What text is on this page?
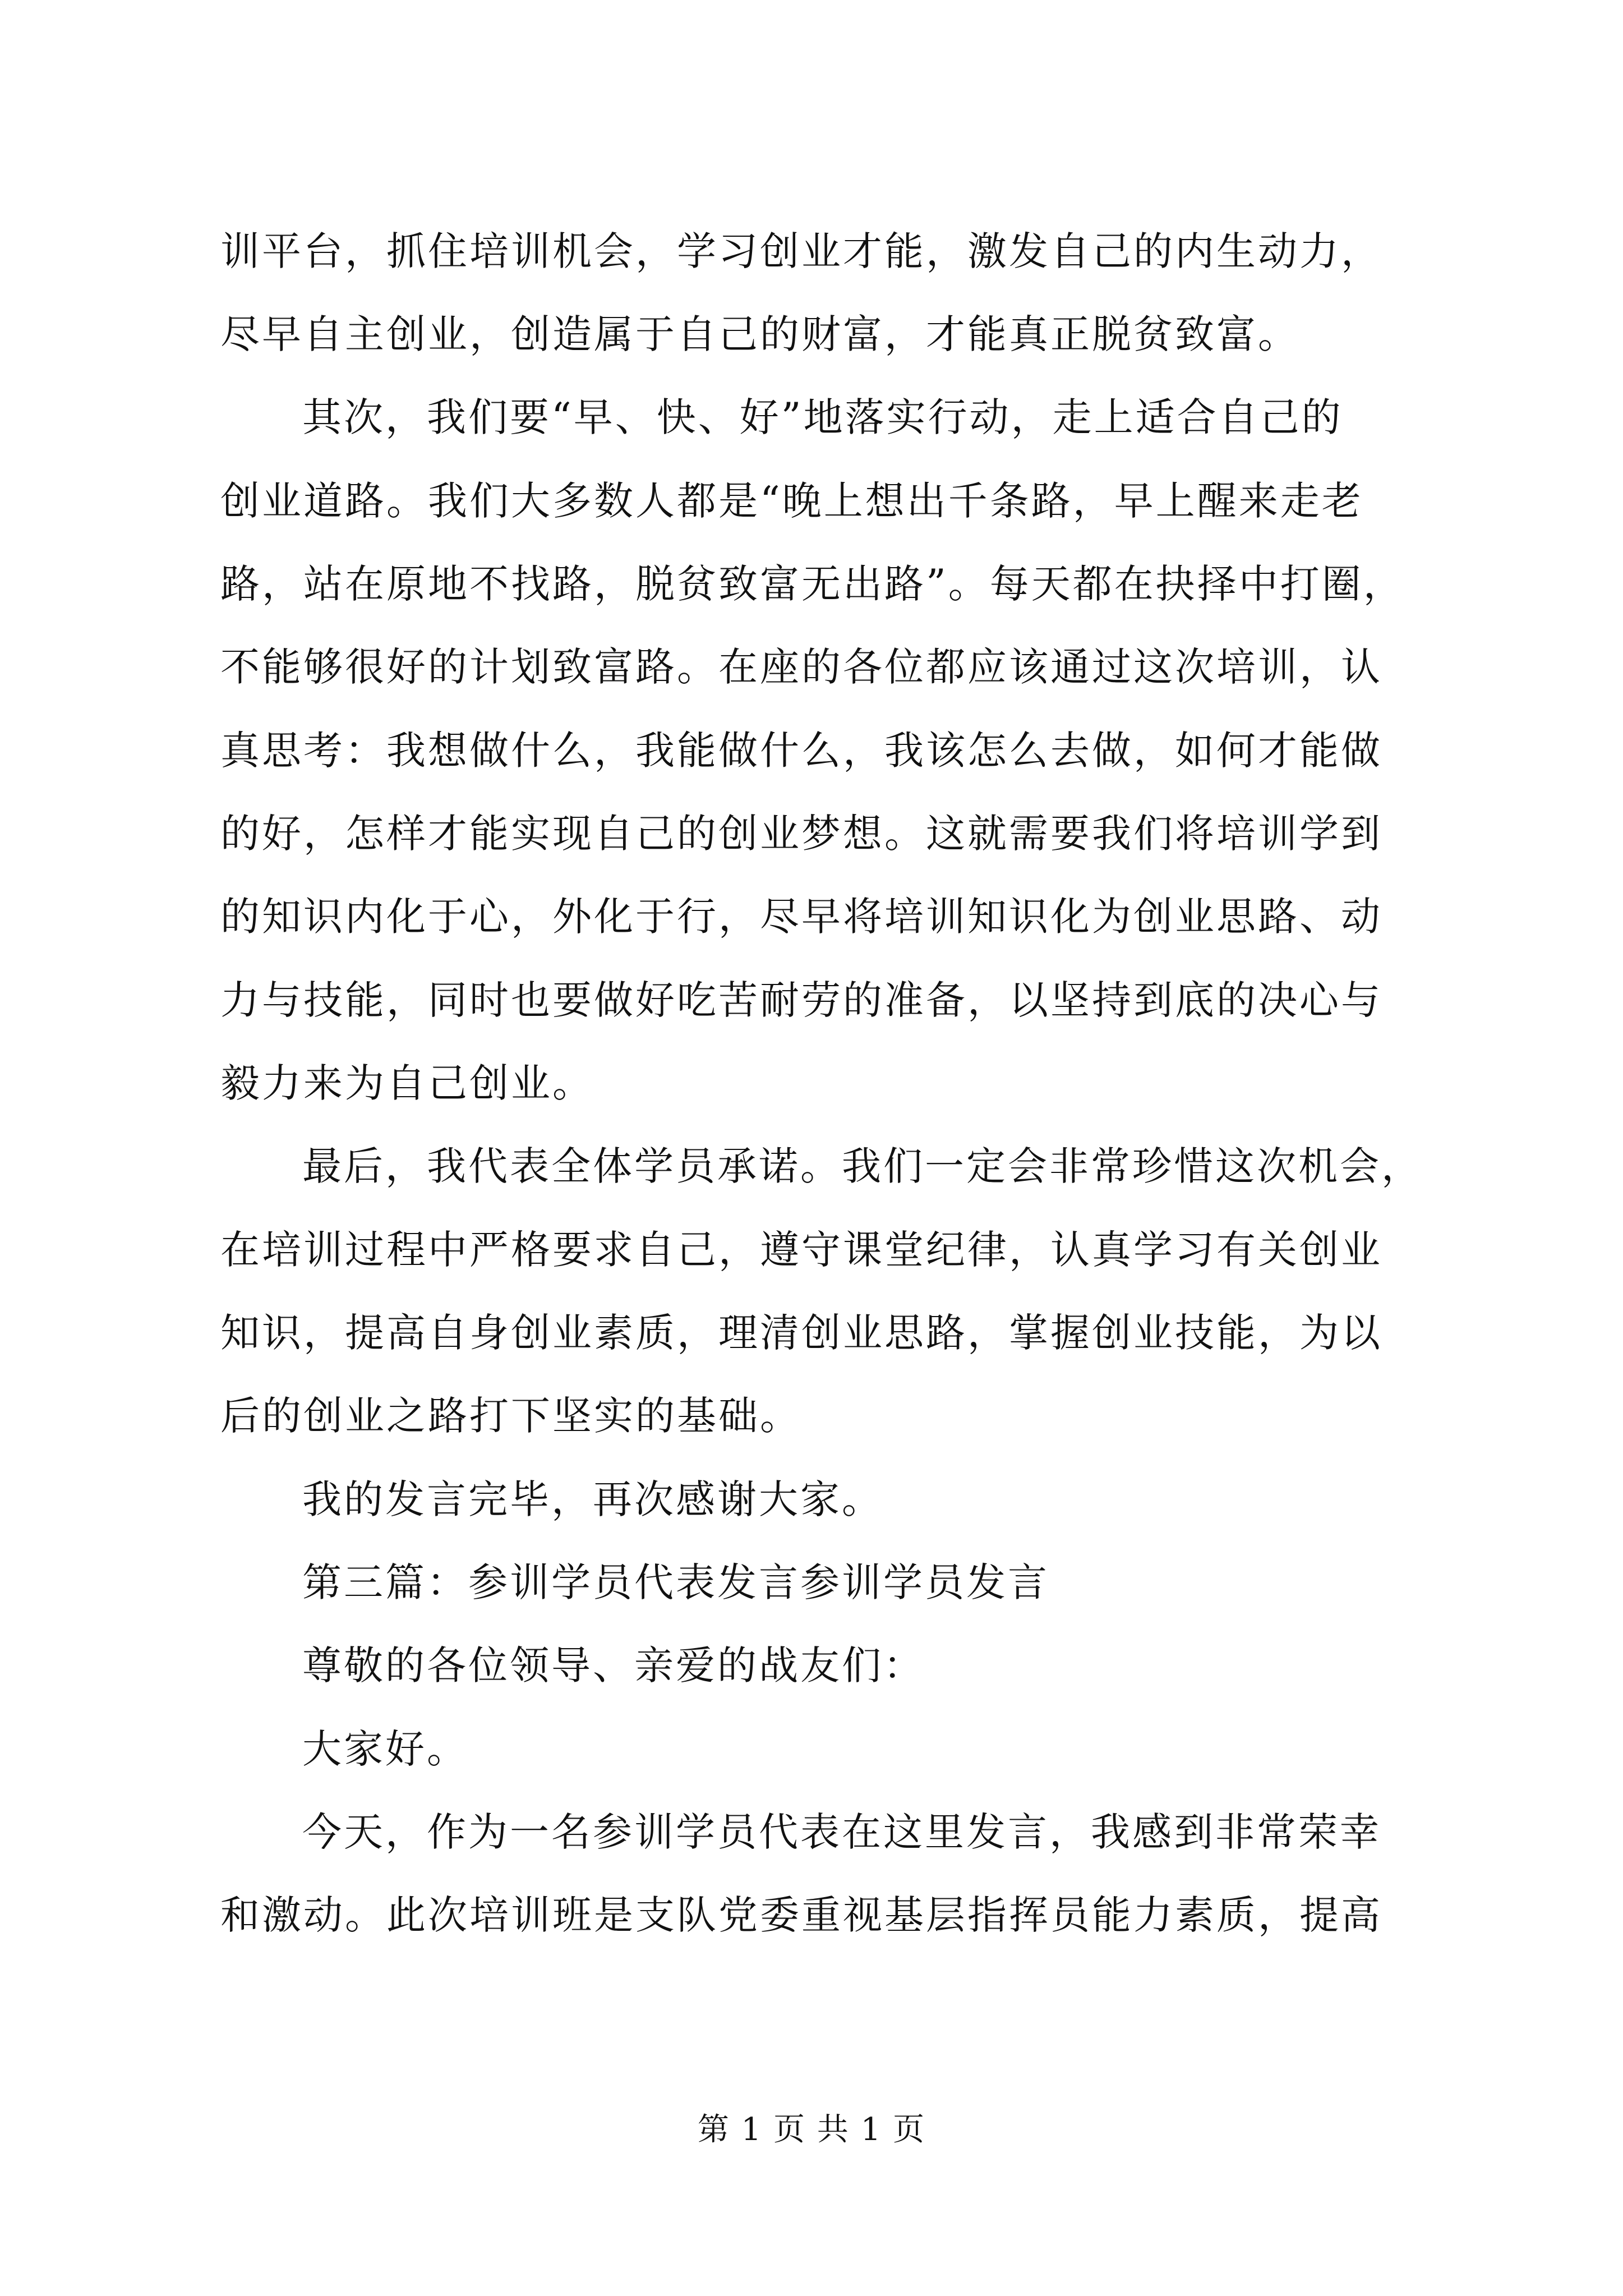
训平台，抓住培训机会，学习创业才能，激发自己的内生动力，
尽早自主创业，创造属于自己的财富，才能真正脱贫致富。
其次，我们要“早、快、好”地落实行动，走上适合自己的
创业道路。我们大多数人都是“晚上想出千条路，早上醒来走老
路，站在原地不找路，脱贫致富无出路”。每天都在抉择中打圈，
不能够很好的计划致富路。在座的各位都应该通过这次培训，认
真思考：我想做什么，我能做什么，我该怎么去做，如何才能做
的好，怎样才能实现自己的创业梦想。这就需要我们将培训学到
的知识内化于心，外化于行，尽早将培训知识化为创业思路、动
力与技能，同时也要做好吃苦耐劳的准备，以坚持到底的决心与
毅力来为自己创业。
最后，我代表全体学员承诺。我们一定会非常珍惜这次机会，
在培训过程中严格要求自己，遵守课堂纪律，认真学习有关创业
知识，提高自身创业素质，理清创业思路，掌握创业技能，为以
后的创业之路打下坚实的基础。
我的发言完毕，再次感谢大家。
第三篇：参训学员代表发言参训学员发言
尊敬的各位领导、亲爱的战友们：
大家好。
今天，作为一名参训学员代表在这里发言，我感到非常荣幸
和激动。此次培训班是支队党委重视基层指挥员能力素质，提高
第 1 页 共 1 页
